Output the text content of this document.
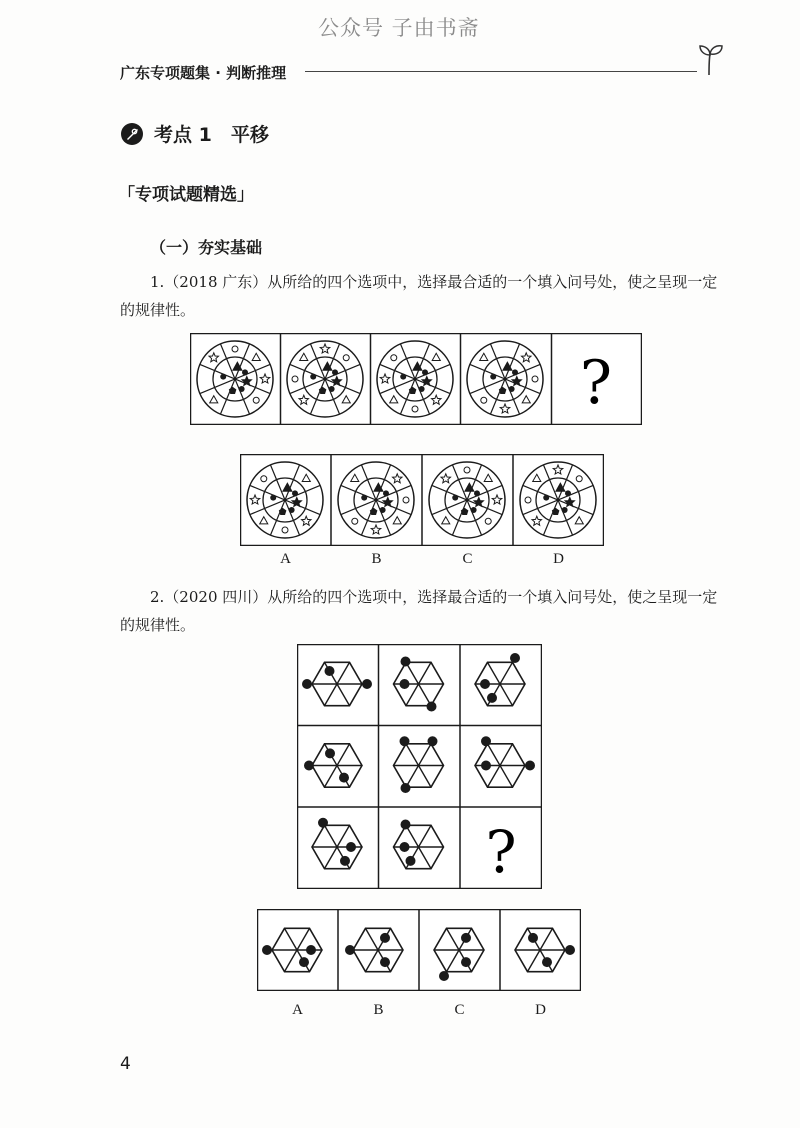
公众号 子由书斋
广东专项题集 · 判断推理
考点 1　平移
「专项试题精选」
（一）夯实基础
1.（2018 广东）从所给的四个选项中，选择最合适的一个填入问号处，使之呈现一定的规律性。
?
A	B	C	D
2.（2020 四川）从所给的四个选项中，选择最合适的一个填入问号处，使之呈现一定的规律性。
?
A	B	C	D
4
